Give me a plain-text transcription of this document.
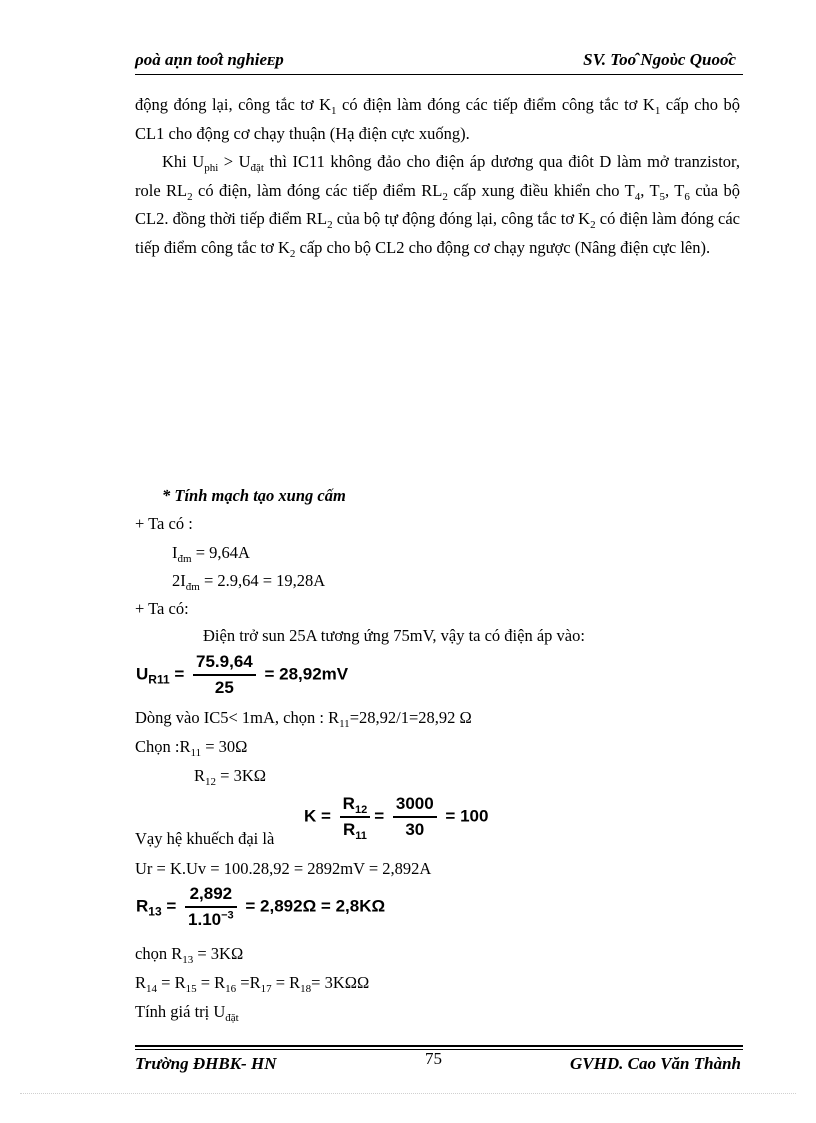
ρoà aṇn toᴏ̂t nghieᴇp	SV. Toᴏ̂ Ngoὺc Quoᴏ̂c
động đóng lại, công tắc tơ $K_1$ có điện làm đóng các tiếp điểm công tắc tơ $K_1$ cấp cho bộ CL1 cho động cơ chạy thuận (Hạ điện cực xuống).
Khi $U_{phi} > U_{đặt}$ thì IC11 không đảo cho điện áp dương qua điôt D làm mở tranzistor, role $RL_2$ có điện, làm đóng các tiếp điểm $RL_2$ cấp xung điều khiển cho $T_4$, $T_5$, $T_6$ của bộ CL2. đồng thời tiếp điểm $RL_2$ của bộ tự động đóng lại, công tắc tơ $K_2$ có điện làm đóng các tiếp điểm công tắc tơ $K_2$ cấp cho bộ CL2 cho động cơ chạy ngược (Nâng điện cực lên).
* Tính mạch tạo xung cấm
+ Ta có :
$I_{đm} = 9,64A$
$2I_{đm} = 2.9,64 = 19,28A$
+ Ta có:
Điện trở sun 25A tương ứng 75mV, vậy ta có điện áp vào:
$U_{R11} = \frac{75.9,64}{25} = 28,92mV$
Dòng vào IC5< 1mA, chọn : $R_{11}=28,92/1=28,92$ Ω
Chọn $:R_{11} = 30\Omega$
$R_{12} = 3K\Omega$
$K = \frac{R_{12}}{R_{11}} = \frac{3000}{30} = 100$
Vạy hệ khuếch đại là
Ur = K.Uv = 100.28,92 = 2892mV = 2,892A
$R_{13} = \frac{2,892}{1.10^{-3}} = 2,892\Omega = 2,8K\Omega$
chọn $R_{13} = 3K\Omega$
$R_{14} = R_{15} = R_{16} =R_{17} = R_{18}= 3K\Omega\Omega$
Tính giá trị $U_{đặt}$
Trường ĐHBK- HN	75	GVHD. Cao Văn Thành
